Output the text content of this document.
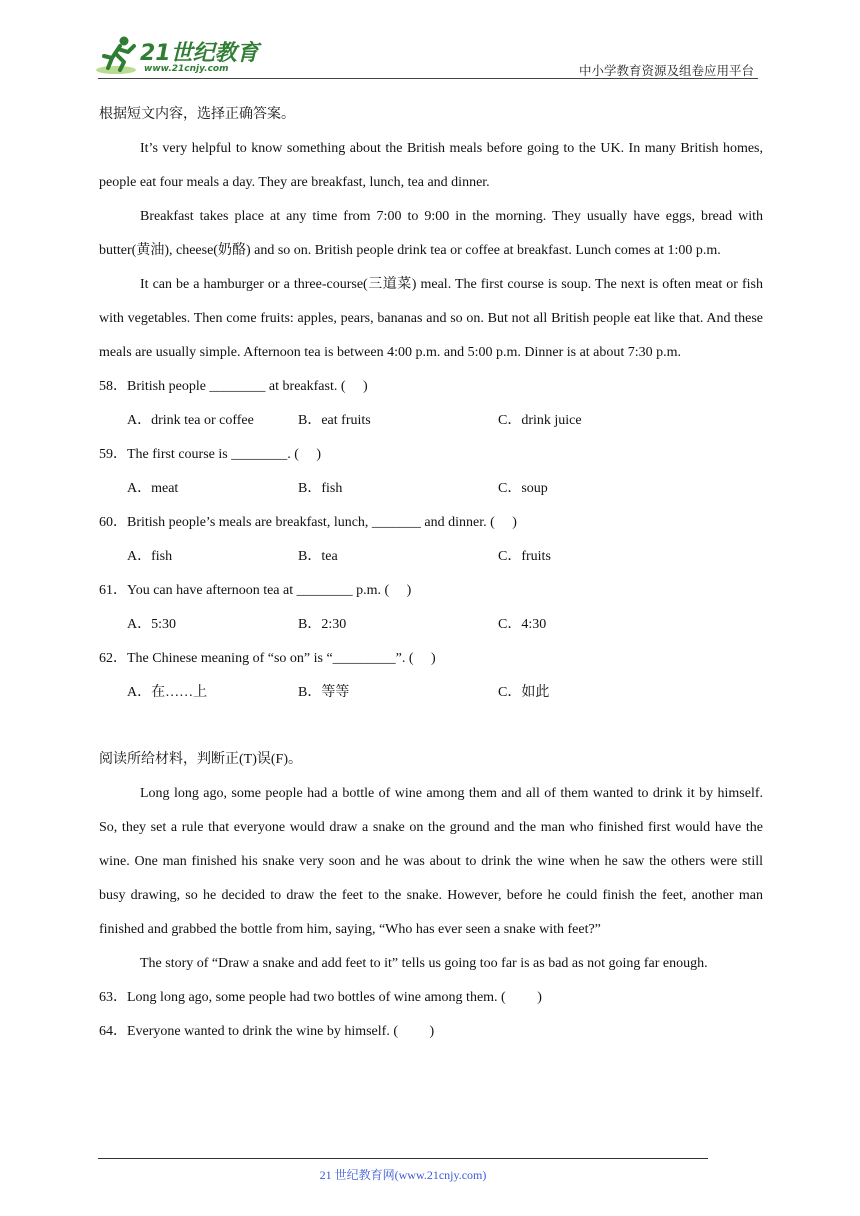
21世纪教育
www.21cnjy.com	中小学教育资源及组卷应用平台
根据短文内容，选择正确答案。
It’s very helpful to know something about the British meals before going to the UK. In many British homes, people eat four meals a day. They are breakfast, lunch, tea and dinner.
Breakfast takes place at any time from 7:00 to 9:00 in the morning. They usually have eggs, bread with butter(黄油), cheese(奶酪) and so on. British people drink tea or coffee at breakfast. Lunch comes at 1:00 p.m.
It can be a hamburger or a three-course(三道菜) meal. The first course is soup. The next is often meat or fish with vegetables. Then come fruits: apples, pears, bananas and so on. But not all British people eat like that. And these meals are usually simple. Afternoon tea is between 4:00 p.m. and 5:00 p.m. Dinner is at about 7:30 p.m.
58．British people ________ at breakfast. (　 )
A．drink tea or coffee	B．eat fruits	C．drink juice
59．The first course is ________. (　 )
A．meat	B．fish	C．soup
60．British people’s meals are breakfast, lunch, _______ and dinner. (　 )
A．fish	B．tea	C．fruits
61．You can have afternoon tea at ________ p.m. (　 )
A．5:30	B．2:30	C．4:30
62．The Chinese meaning of “so on” is “_________”. (　 )
A．在……上	B．等等	C．如此
阅读所给材料，判断正(T)误(F)。
Long long ago, some people had a bottle of wine among them and all of them wanted to drink it by himself. So, they set a rule that everyone would draw a snake on the ground and the man who finished first would have the wine. One man finished his snake very soon and he was about to drink the wine when he saw the others were still busy drawing, so he decided to draw the feet to the snake. However, before he could finish the feet, another man finished and grabbed the bottle from him, saying, “Who has ever seen a snake with feet?”
The story of “Draw a snake and add feet to it” tells us going too far is as bad as not going far enough.
63．Long long ago, some people had two bottles of wine among them. (　　 )
64．Everyone wanted to drink the wine by himself. (　　 )
21 世纪教育网(www.21cnjy.com)
